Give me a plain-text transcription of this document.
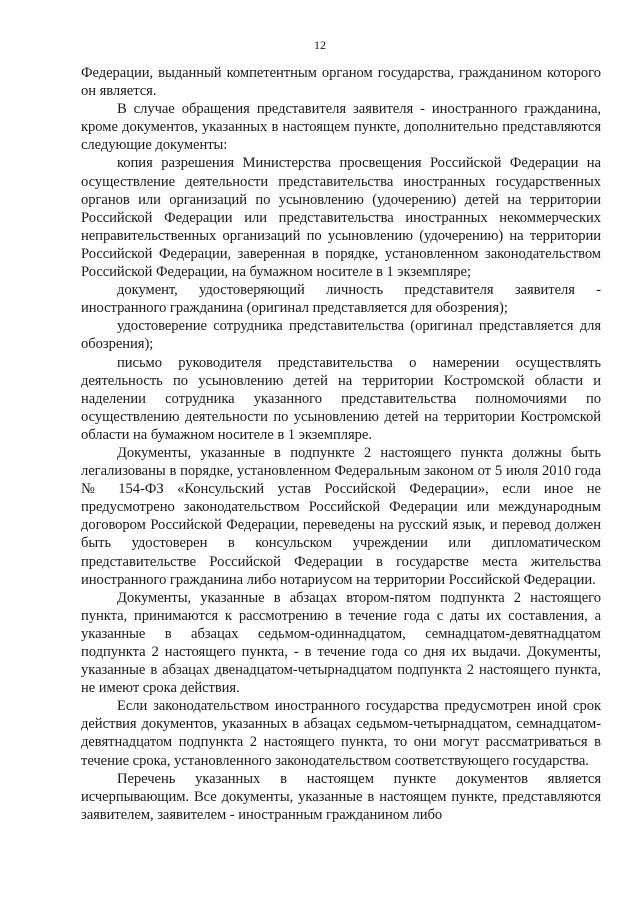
12

Федерации, выданный компетентным органом государства, гражданином которого он является.

В случае обращения представителя заявителя - иностранного гражданина, кроме документов, указанных в настоящем пункте, дополнительно представляются следующие документы:

копия разрешения Министерства просвещения Российской Федерации на осуществление деятельности представительства иностранных государственных органов или организаций по усыновлению (удочерению) детей на территории Российской Федерации или представительства иностранных некоммерческих неправительственных организаций по усыновлению (удочерению) на территории Российской Федерации, заверенная в порядке, установленном законодательством Российской Федерации, на бумажном носителе в 1 экземпляре;

документ, удостоверяющий личность представителя заявителя - иностранного гражданина (оригинал представляется для обозрения);

удостоверение сотрудника представительства (оригинал представляется для обозрения);

письмо руководителя представительства о намерении осуществлять деятельность по усыновлению детей на территории Костромской области и наделении сотрудника указанного представительства полномочиями по осуществлению деятельности по усыновлению детей на территории Костромской области на бумажном носителе в 1 экземпляре.

Документы, указанные в подпункте 2 настоящего пункта должны быть легализованы в порядке, установленном Федеральным законом от 5 июля 2010 года № 154-ФЗ «Консульский устав Российской Федерации», если иное не предусмотрено законодательством Российской Федерации или международным договором Российской Федерации, переведены на русский язык, и перевод должен быть удостоверен в консульском учреждении или дипломатическом представительстве Российской Федерации в государстве места жительства иностранного гражданина либо нотариусом на территории Российской Федерации.

Документы, указанные в абзацах втором-пятом подпункта 2 настоящего пункта, принимаются к рассмотрению в течение года с даты их составления, а указанные в абзацах седьмом-одиннадцатом, семнадцатом-девятнадцатом подпункта 2 настоящего пункта, - в течение года со дня их выдачи. Документы, указанные в абзацах двенадцатом-четырнадцатом подпункта 2 настоящего пункта, не имеют срока действия.

Если законодательством иностранного государства предусмотрен иной срок действия документов, указанных в абзацах седьмом-четырнадцатом, семнадцатом-девятнадцатом подпункта 2 настоящего пункта, то они могут рассматриваться в течение срока, установленного законодательством соответствующего государства.

Перечень указанных в настоящем пункте документов является исчерпывающим. Все документы, указанные в настоящем пункте, представляются заявителем, заявителем - иностранным гражданином либо
